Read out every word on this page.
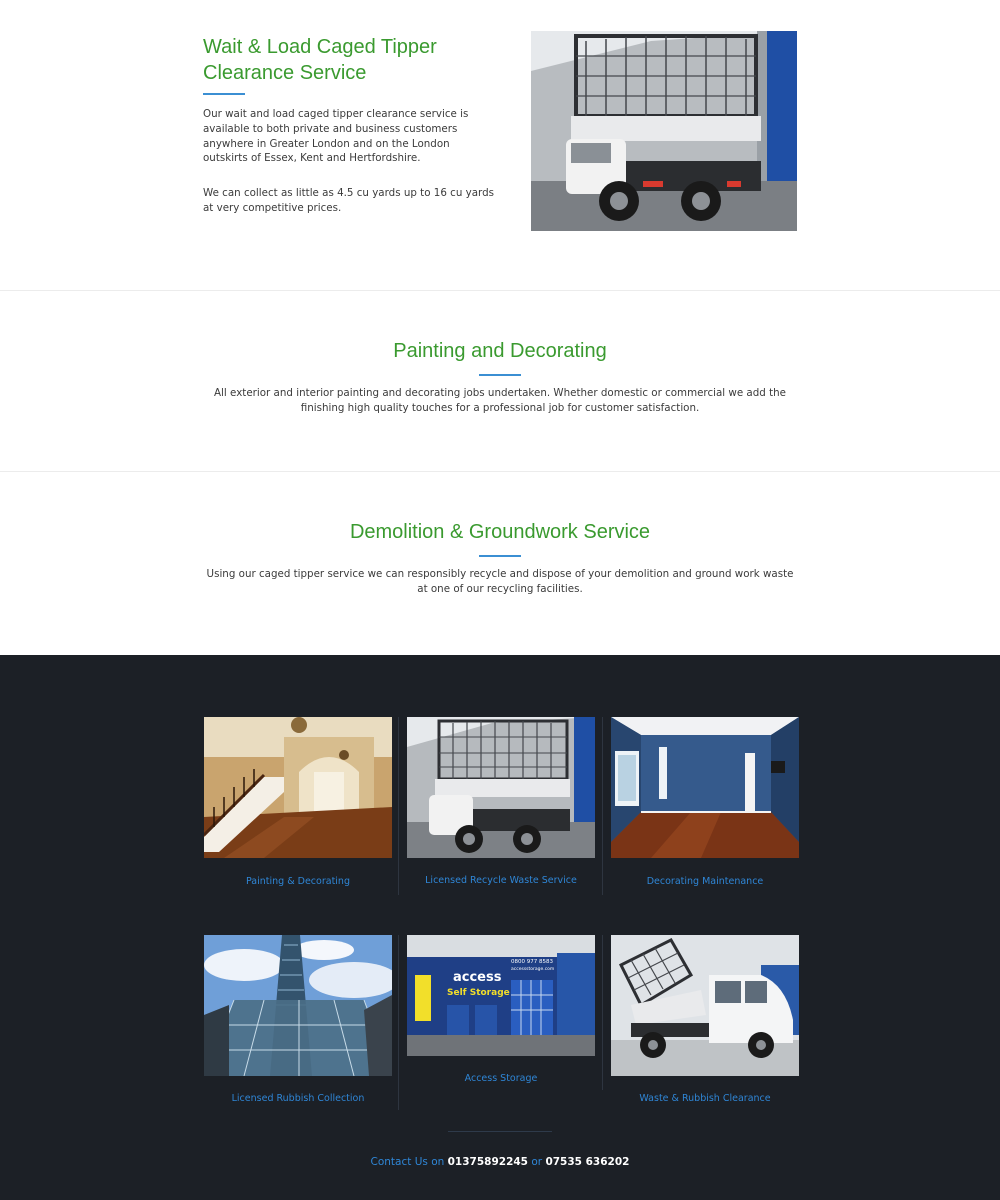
Wait & Load Caged Tipper Clearance Service

Our wait and load caged tipper clearance service is available to both private and business customers anywhere in Greater London and on the London outskirts of Essex, Kent and Hertfordshire.

We can collect as little as 4.5 cu yards up to 16 cu yards at very competitive prices.

Painting and Decorating

All exterior and interior painting and decorating jobs undertaken. Whether domestic or commercial we add the finishing high quality touches for a professional job for customer satisfaction.

Demolition & Groundwork Service

Using our caged tipper service we can responsibly recycle and dispose of your demolition and ground work waste at one of our recycling facilities.

Painting & Decorating	Licensed Recycle Waste Service	Decorating Maintenance
Licensed Rubbish Collection
access
Self Storage
0800 977 8583
accessstorage.com
Access Storage
Waste & Rubbish Clearance
Contact Us on 01375892245 or 07535 636202
